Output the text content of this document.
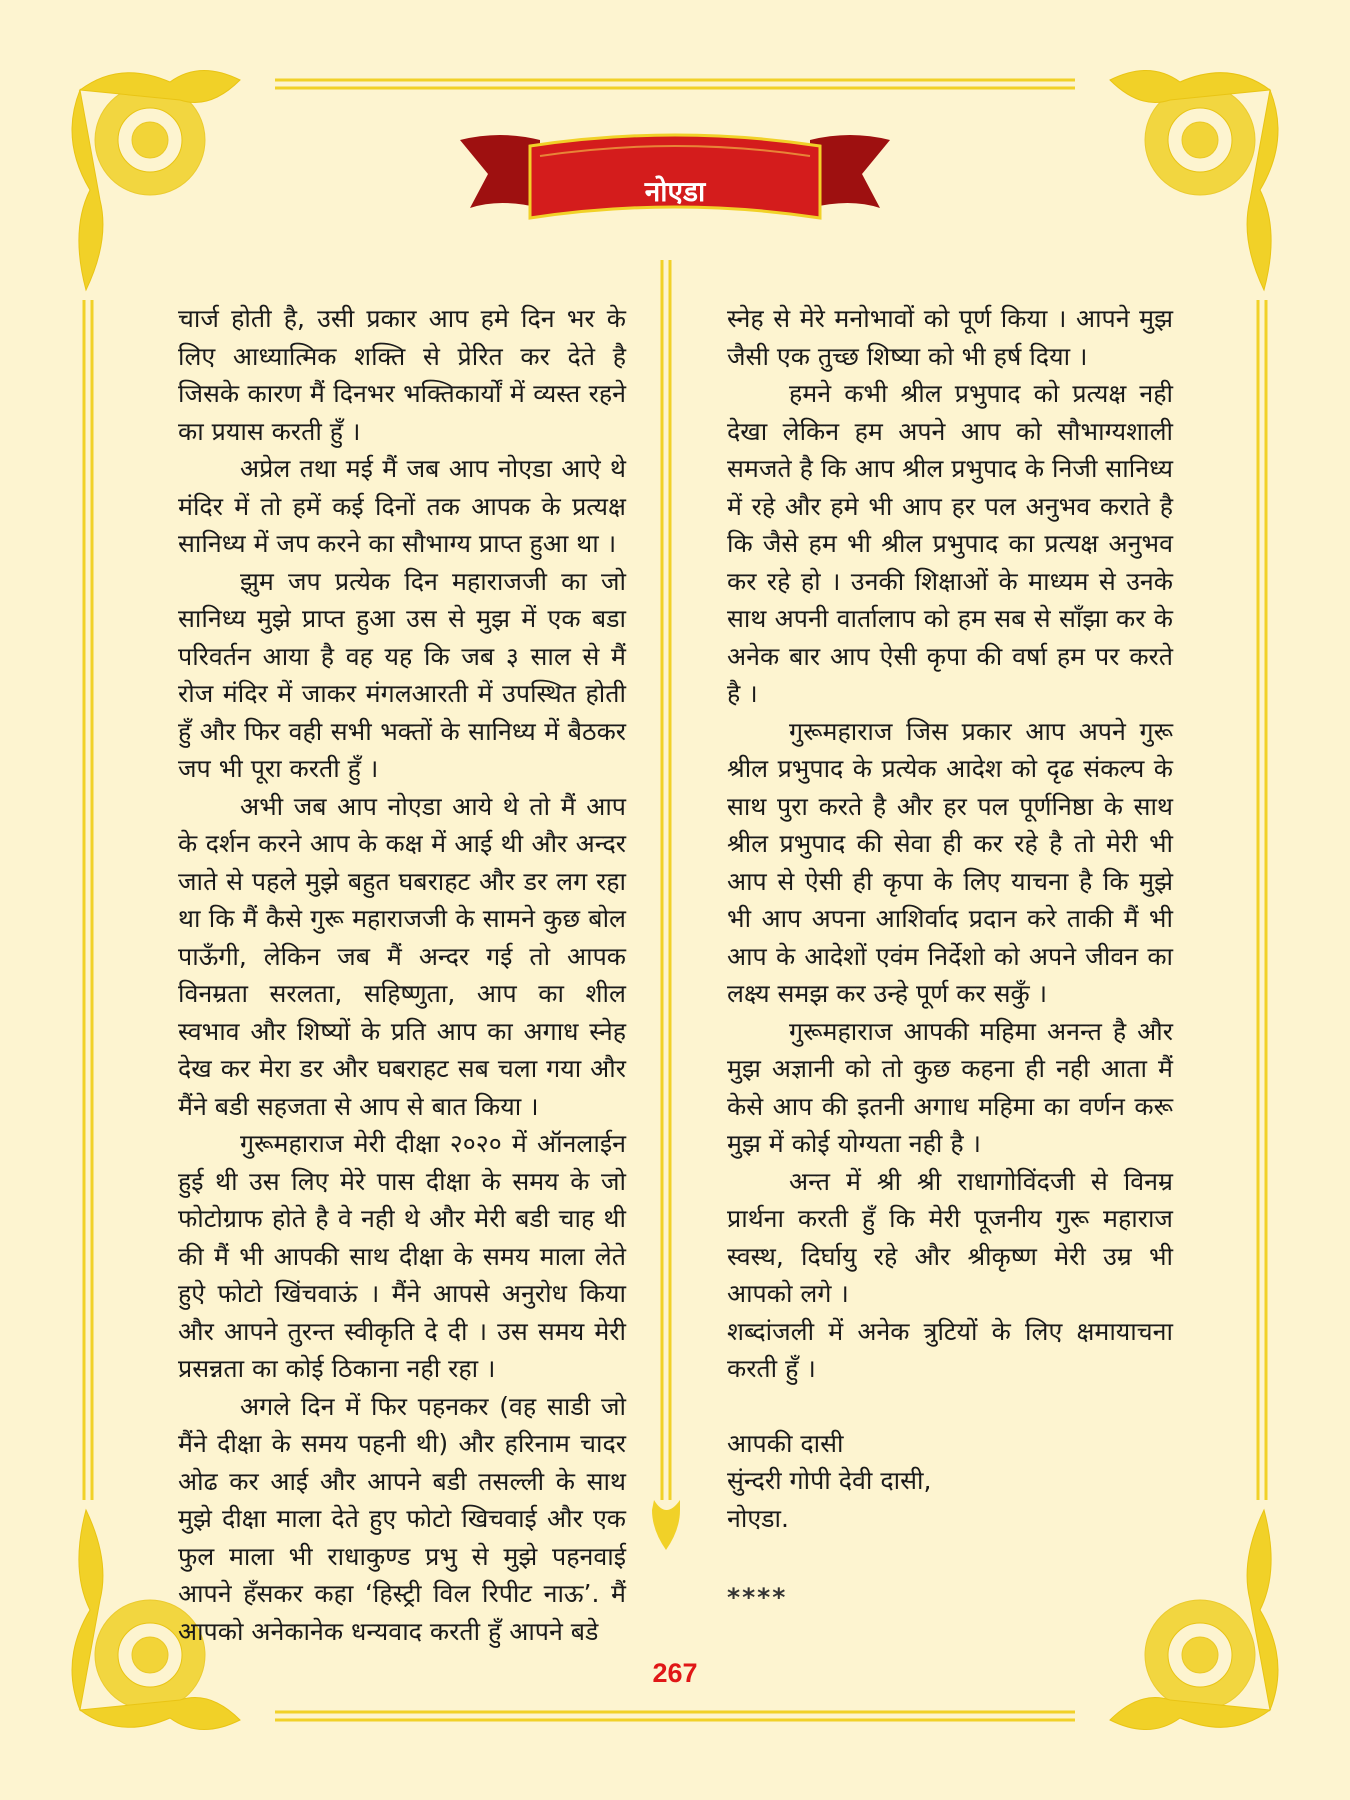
नोएडा

चार्ज होती है, उसी प्रकार आप हमे दिन भर के लिए आध्यात्मिक शक्ति से प्रेरित कर देते है जिसके कारण मैं दिनभर भक्तिकार्यों में व्यस्त रहने का प्रयास करती हुँ ।

अप्रेल तथा मई मैं जब आप नोएडा आऐ थे मंदिर में तो हमें कई दिनों तक आपक के प्रत्यक्ष सानिध्य में जप करने का सौभाग्य प्राप्त हुआ था ।

झुम जप प्रत्येक दिन महाराजजी का जो सानिध्य मुझे प्राप्त हुआ उस से मुझ में एक बडा परिवर्तन आया है वह यह कि जब ३ साल से मैं रोज मंदिर में जाकर मंगलआरती में उपस्थित होती हुँ और फिर वही सभी भक्तों के सानिध्य में बैठकर जप भी पूरा करती हुँ ।

अभी जब आप नोएडा आये थे तो मैं आप के दर्शन करने आप के कक्ष में आई थी और अन्दर जाते से पहले मुझे बहुत घबराहट और डर लग रहा था कि मैं कैसे गुरू महाराजजी के सामने कुछ बोल पाऊँगी, लेकिन जब मैं अन्दर गई तो आपक विनम्रता सरलता, सहिष्णुता, आप का शील स्वभाव और शिष्यों के प्रति आप का अगाध स्नेह देख कर मेरा डर और घबराहट सब चला गया और मैंने बडी सहजता से आप से बात किया ।

गुरूमहाराज मेरी दीक्षा २०२० में ऑनलाईन हुई थी उस लिए मेरे पास दीक्षा के समय के जो फोटोग्राफ होते है वे नही थे और मेरी बडी चाह थी की मैं भी आपकी साथ दीक्षा के समय माला लेते हुऐ फोटो खिंचवाऊं । मैंने आपसे अनुरोध किया और आपने तुरन्त स्वीकृति दे दी । उस समय मेरी प्रसन्नता का कोई ठिकाना नही रहा ।

अगले दिन में फिर पहनकर (वह साडी जो मैंने दीक्षा के समय पहनी थी) और हरिनाम चादर ओढ कर आई और आपने बडी तसल्ली के साथ मुझे दीक्षा माला देते हुए फोटो खिचवाई और एक फुल माला भी राधाकुण्ड प्रभु से मुझे पहनवाई आपने हँसकर कहा ‘हिस्ट्री विल रिपीट नाऊ’. मैं आपको अनेकानेक धन्यवाद करती हुँ आपने बडे

स्नेह से मेरे मनोभावों को पूर्ण किया । आपने मुझ जैसी एक तुच्छ शिष्या को भी हर्ष दिया ।

हमने कभी श्रील प्रभुपाद को प्रत्यक्ष नही देखा लेकिन हम अपने आप को सौभाग्यशाली समजते है कि आप श्रील प्रभुपाद के निजी सानिध्य में रहे और हमे भी आप हर पल अनुभव कराते है कि जैसे हम भी श्रील प्रभुपाद का प्रत्यक्ष अनुभव कर रहे हो । उनकी शिक्षाओं के माध्यम से उनके साथ अपनी वार्तालाप को हम सब से साँझा कर के अनेक बार आप ऐसी कृपा की वर्षा हम पर करते है ।

गुरूमहाराज जिस प्रकार आप अपने गुरू श्रील प्रभुपाद के प्रत्येक आदेश को दृढ संकल्प के साथ पुरा करते है और हर पल पूर्णनिष्ठा के साथ श्रील प्रभुपाद की सेवा ही कर रहे है तो मेरी भी आप से ऐसी ही कृपा के लिए याचना है कि मुझे भी आप अपना आशिर्वाद प्रदान करे ताकी मैं भी आप के आदेशों एवंम निर्देशो को अपने जीवन का लक्ष्य समझ कर उन्हे पूर्ण कर सकुँ ।

गुरूमहाराज आपकी महिमा अनन्त है और मुझ अज्ञानी को तो कुछ कहना ही नही आता मैं केसे आप की इतनी अगाध महिमा का वर्णन करू मुझ में कोई योग्यता नही है ।

अन्त में श्री श्री राधागोविंदजी से विनम्र प्रार्थना करती हुँ कि मेरी पूजनीय गुरू महाराज स्वस्थ, दिर्घायु रहे और श्रीकृष्ण मेरी उम्र भी आपको लगे ।

शब्दांजली में अनेक त्रुटियों के लिए क्षमायाचना करती हुँ ।

आपकी दासी

सुंन्दरी गोपी देवी दासी,

नोएडा.

****

267
